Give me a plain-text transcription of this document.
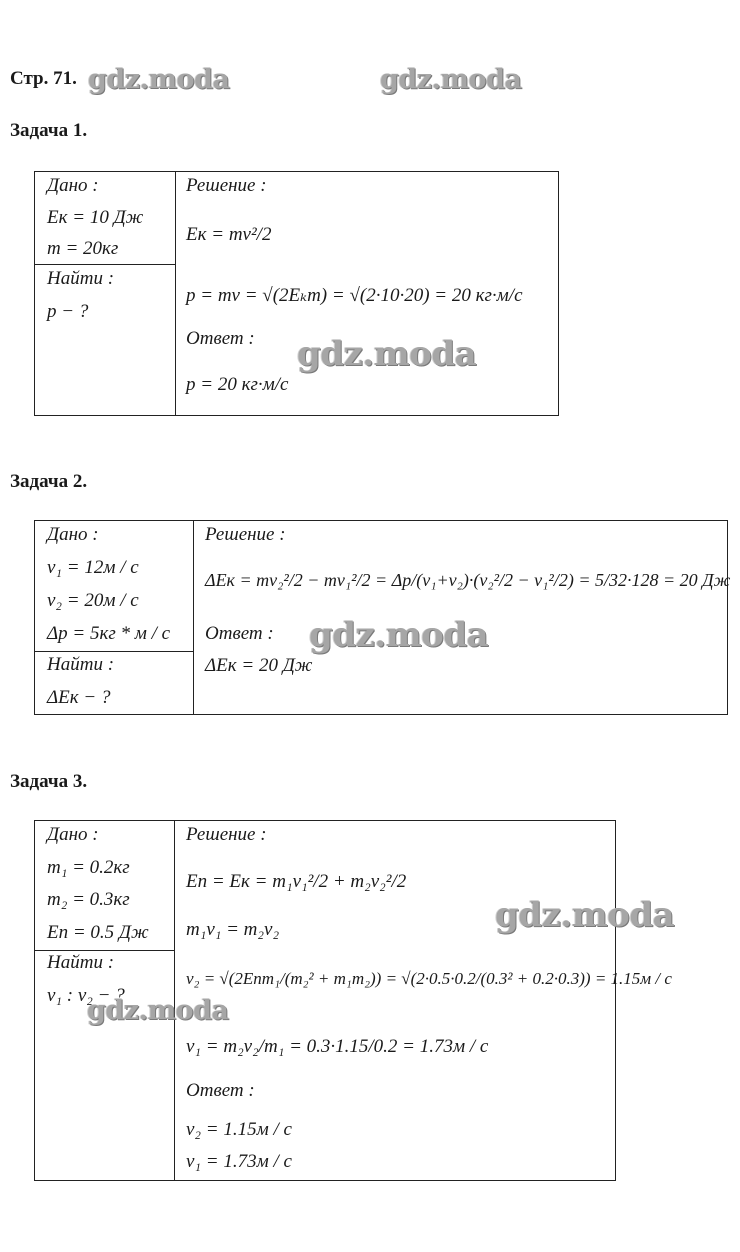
Стр. 71. gdz.moda	gdz.moda
Задача 1.
Дано :
Eк = 10 Дж
m = 20кг
Найти :
p − ?
Решение :
Eк = mv²/2
p = mv = √(2Eₖm) = √(2·10·20) = 20 кг·м/с
Ответ :
p = 20 кг·м/с
gdz.moda
Задача 2.
Дано :
v₁ = 12м / с
v₂ = 20м / с
Δp = 5кг * м / с
Найти :
ΔEк − ?
Решение :
ΔEк = mv₂²/2 − mv₁²/2 = Δp/(v₁+v₂)·(v₂²/2 − v₁²/2) = 5/32·128 = 20 Дж
Ответ :
ΔEк = 20 Дж
gdz.moda
Задача 3.
Дано :
m₁ = 0.2кг
m₂ = 0.3кг
Eп = 0.5 Дж
Найти :
v₁ : v₂ − ?
Решение :
Eп = Eк = m₁v₁²/2 + m₂v₂²/2
m₁v₁ = m₂v₂
v₂ = √(2Eпm₁/(m₂² + m₁m₂)) = √(2·0.5·0.2/(0.3² + 0.2·0.3)) = 1.15м / с
v₁ = m₂v₂/m₁ = 0.3·1.15/0.2 = 1.73м / с
Ответ :
v₂ = 1.15м / с
v₁ = 1.73м / с
gdz.moda
gdz.moda
